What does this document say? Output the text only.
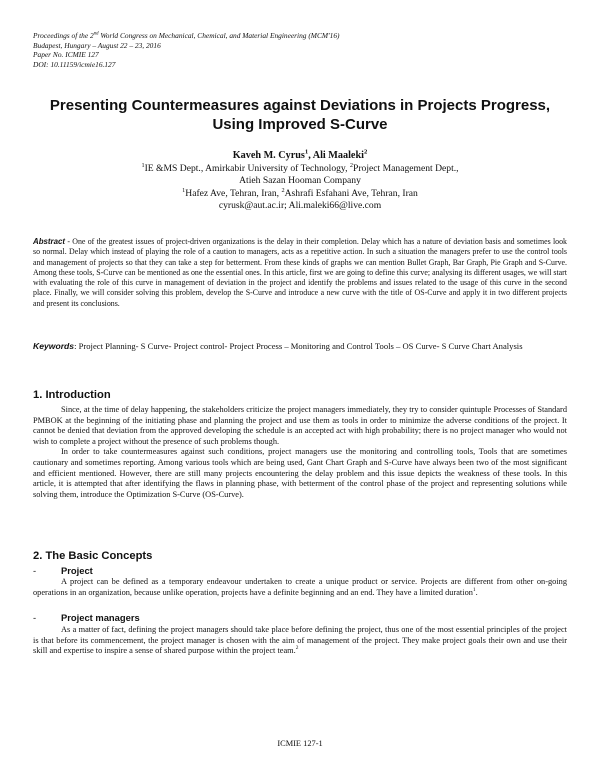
Proceedings of the 2nd World Congress on Mechanical, Chemical, and Material Engineering (MCM'16)
Budapest, Hungary – August 22 – 23, 2016
Paper No. ICMIE 127
DOI: 10.11159/icmie16.127
Presenting Countermeasures against Deviations in Projects Progress,
Using Improved S-Curve
Kaveh M. Cyrus$^1$, Ali Maaleki$^2$
$^1$IE &MS Dept., Amirkabir University of Technology, $^2$Project Management Dept.,
Atieh Sazan Hooman Company
$^1$Hafez Ave, Tehran, Iran, $^2$Ashrafi Esfahani Ave, Tehran, Iran
cyrusk@aut.ac.ir; Ali.maleki66@live.com
Abstract - One of the greatest issues of project-driven organizations is the delay in their completion. Delay which has a nature of deviation basis and sometimes look so normal. Delay which instead of playing the role of a caution to managers, acts as a repetitive action. In such a situation the managers prefer to use the control tools and management of projects so that they can take a step for betterment. From these kinds of graphs we can mention Bullet Graph, Bar Graph, Pie Graph and S-Curve. Among these tools, S-Curve can be mentioned as one the essential ones. In this article, first we are going to define this curve; analysing its different usages, we will start with evaluating the role of this curve in management of deviation in the project and identify the problems and issues related to the usage of this curve in the second place. Finally, we will consider solving this problem, develop the S-Curve and introduce a new curve with the title of OS-Curve and apply it in two different projects and present its conclusions.
Keywords: Project Planning- S Curve- Project control- Project Process – Monitoring and Control Tools – OS Curve- S Curve Chart Analysis
1. Introduction

Since, at the time of delay happening, the stakeholders criticize the project managers immediately, they try to consider quintuple Processes of Standard PMBOK at the beginning of the initiating phase and planning the project and use them as tools in order to minimize the adverse conditions of the project. It cannot be denied that deviation from the approved developing the schedule is an accepted act with high probability; there is no project manager who would not wish to complete a project without the presence of such problems though.

In order to take countermeasures against such conditions, project managers use the monitoring and controlling tools, Tools that are sometimes cautionary and sometimes reporting. Among various tools which are being used, Gant Chart Graph and S-Curve have always been two of the most significant and efficient mentioned. However, there are still many projects encountering the delay problem and this issue depicts the weakness of these tools. In this article, it is attempted that after identifying the flaws in planning phase, with betterment of the control phase of the project and representing solutions while solving them, introduce the Optimization S-Curve (OS-Curve).

2. The Basic Concepts
-	Project

A project can be defined as a temporary endeavour undertaken to create a unique product or service. Projects are different from other on-going operations in an organization, because unlike operation, projects have a definite beginning and an end. They have a limited duration$^1$.

-	Project managers

As a matter of fact, defining the project managers should take place before defining the project, thus one of the most essential principles of the project is that before its commencement, the project manager is chosen with the aim of management of the project. They make project goals their own and use their skill and expertise to inspire a sense of shared purpose within the project team.$^2$

ICMIE 127-1
